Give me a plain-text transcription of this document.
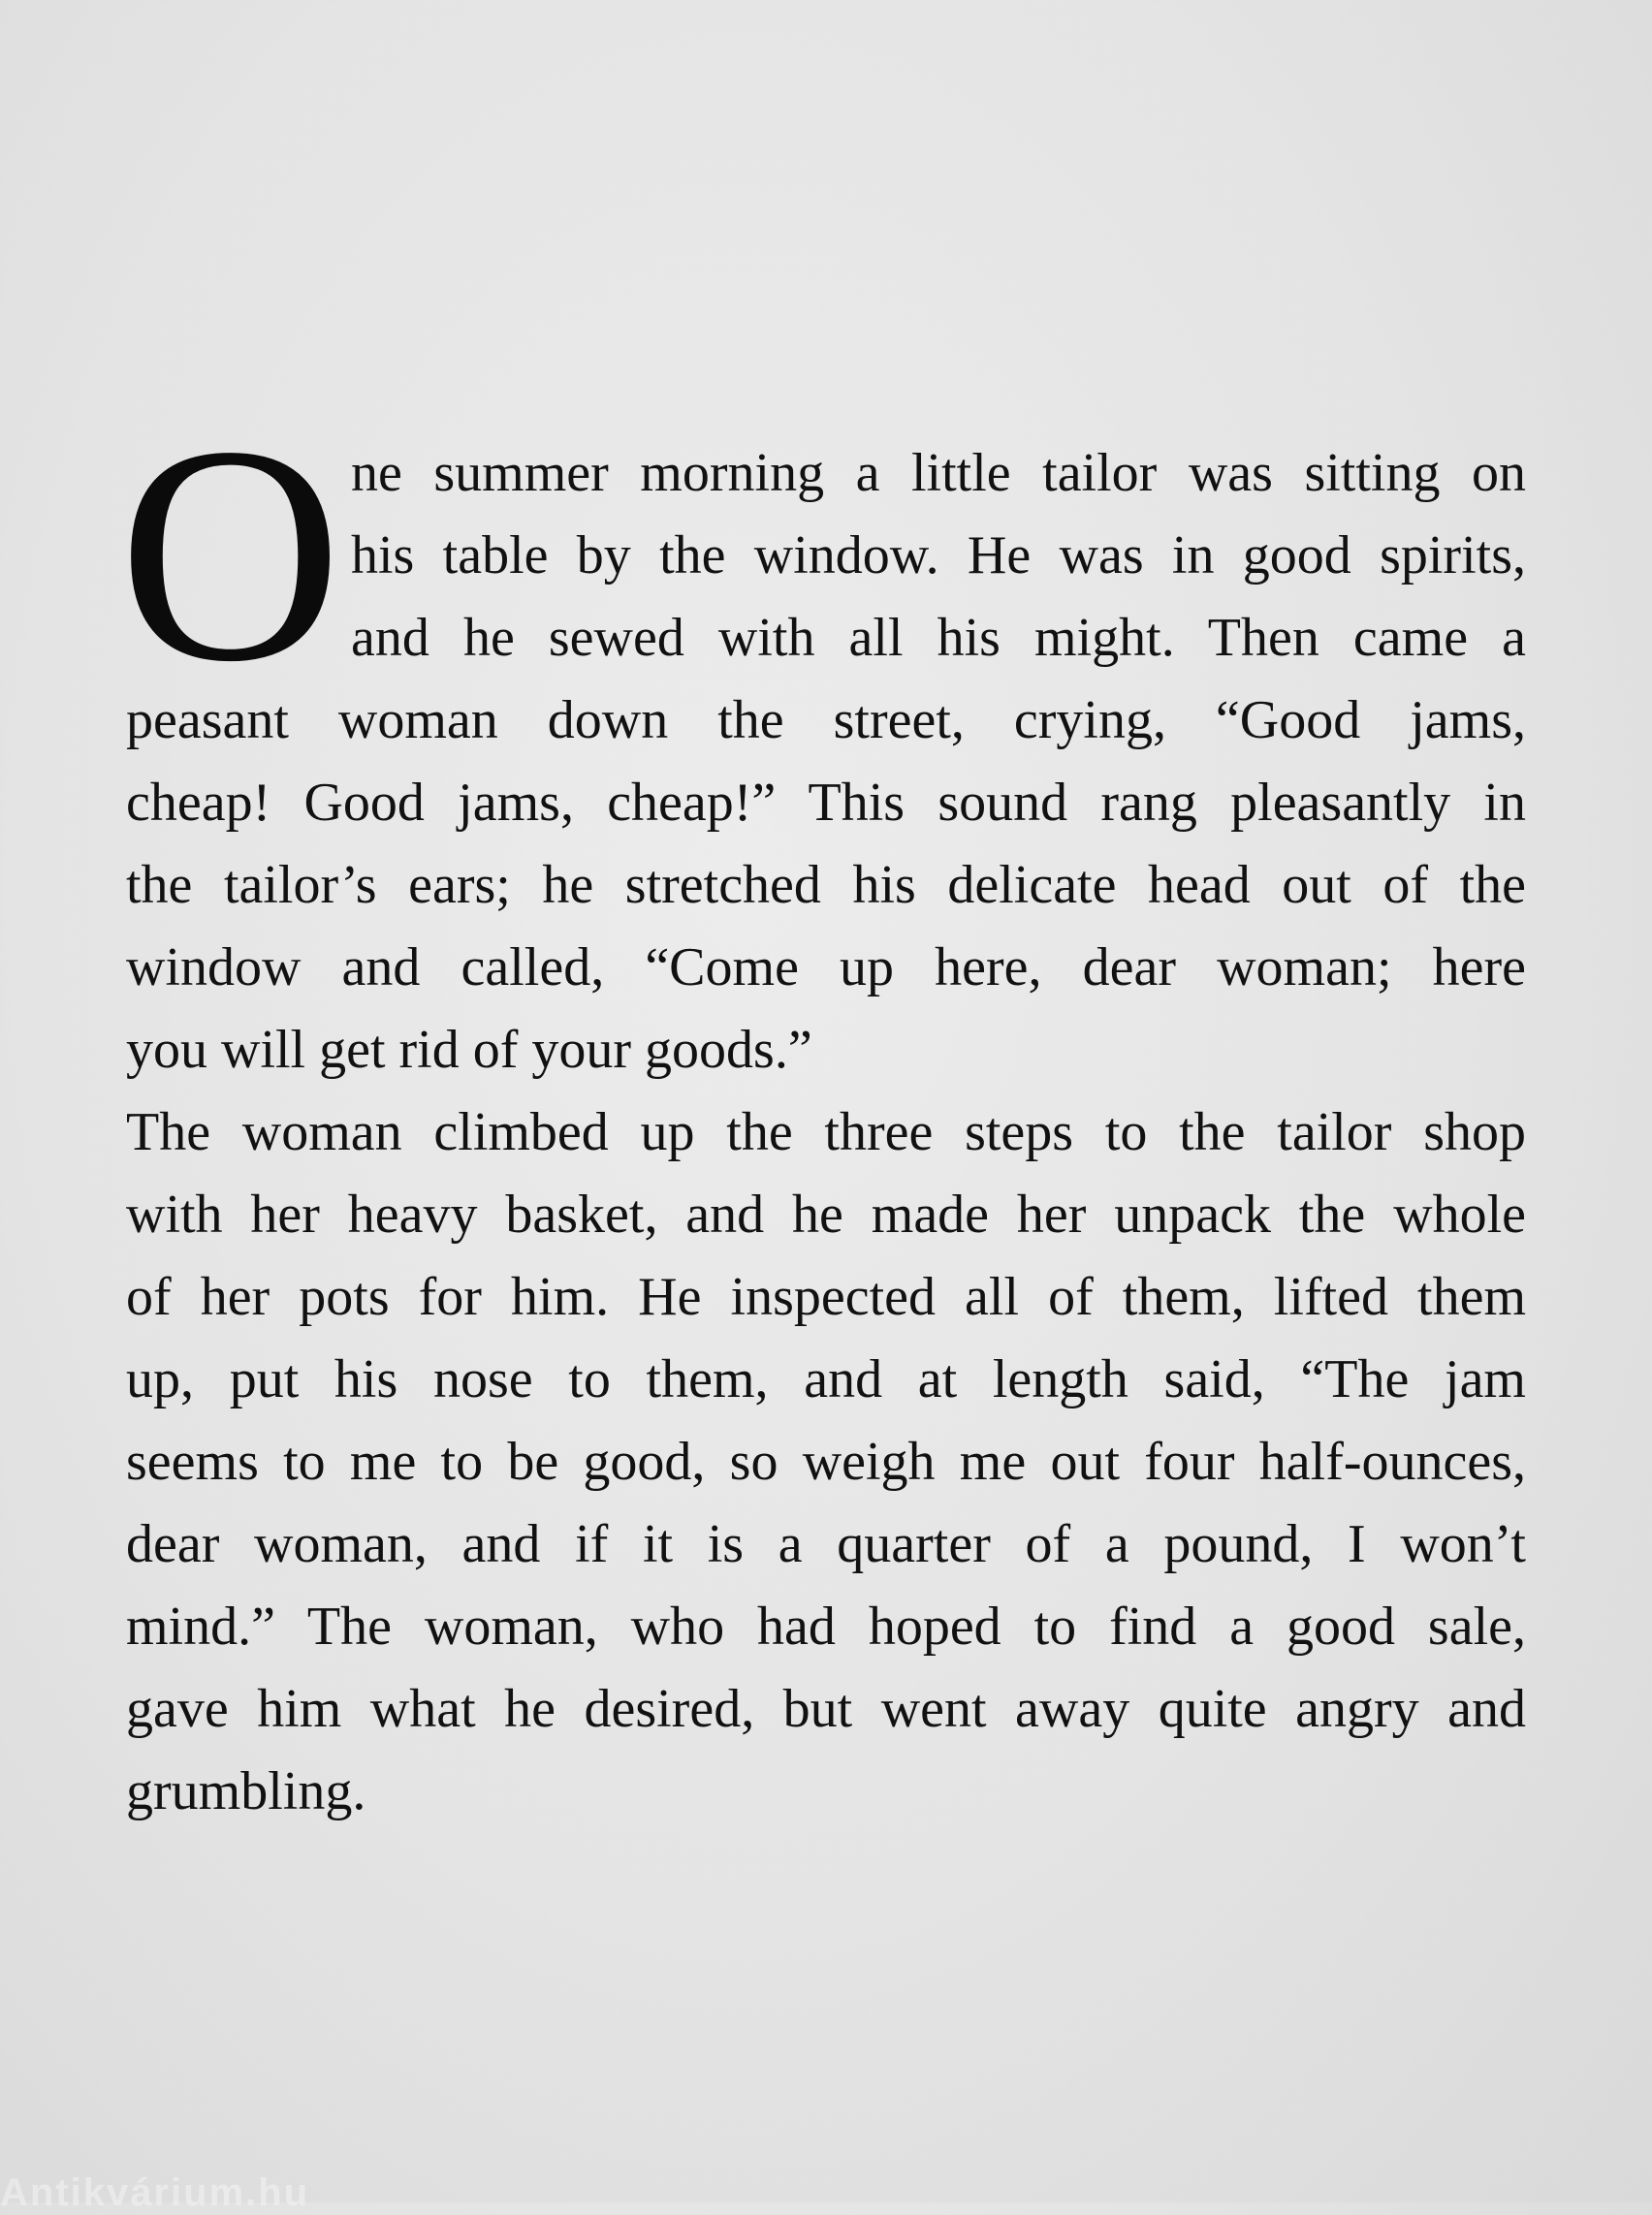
O ne summer morning a little tailor was sitting on
his table by the window. He was in good spirits,
and he sewed with all his might. Then came a
peasant woman down the street, crying, “Good jams,
cheap! Good jams, cheap!” This sound rang pleasantly in
the tailor’s ears; he stretched his delicate head out of the
window and called, “Come up here, dear woman; here
you will get rid of your goods.”
The woman climbed up the three steps to the tailor shop
with her heavy basket, and he made her unpack the whole
of her pots for him. He inspected all of them, lifted them
up, put his nose to them, and at length said, “The jam
seems to me to be good, so weigh me out four half-ounces,
dear woman, and if it is a quarter of a pound, I won’t
mind.” The woman, who had hoped to find a good sale,
gave him what he desired, but went away quite angry and
grumbling.
Antikvárium.hu
